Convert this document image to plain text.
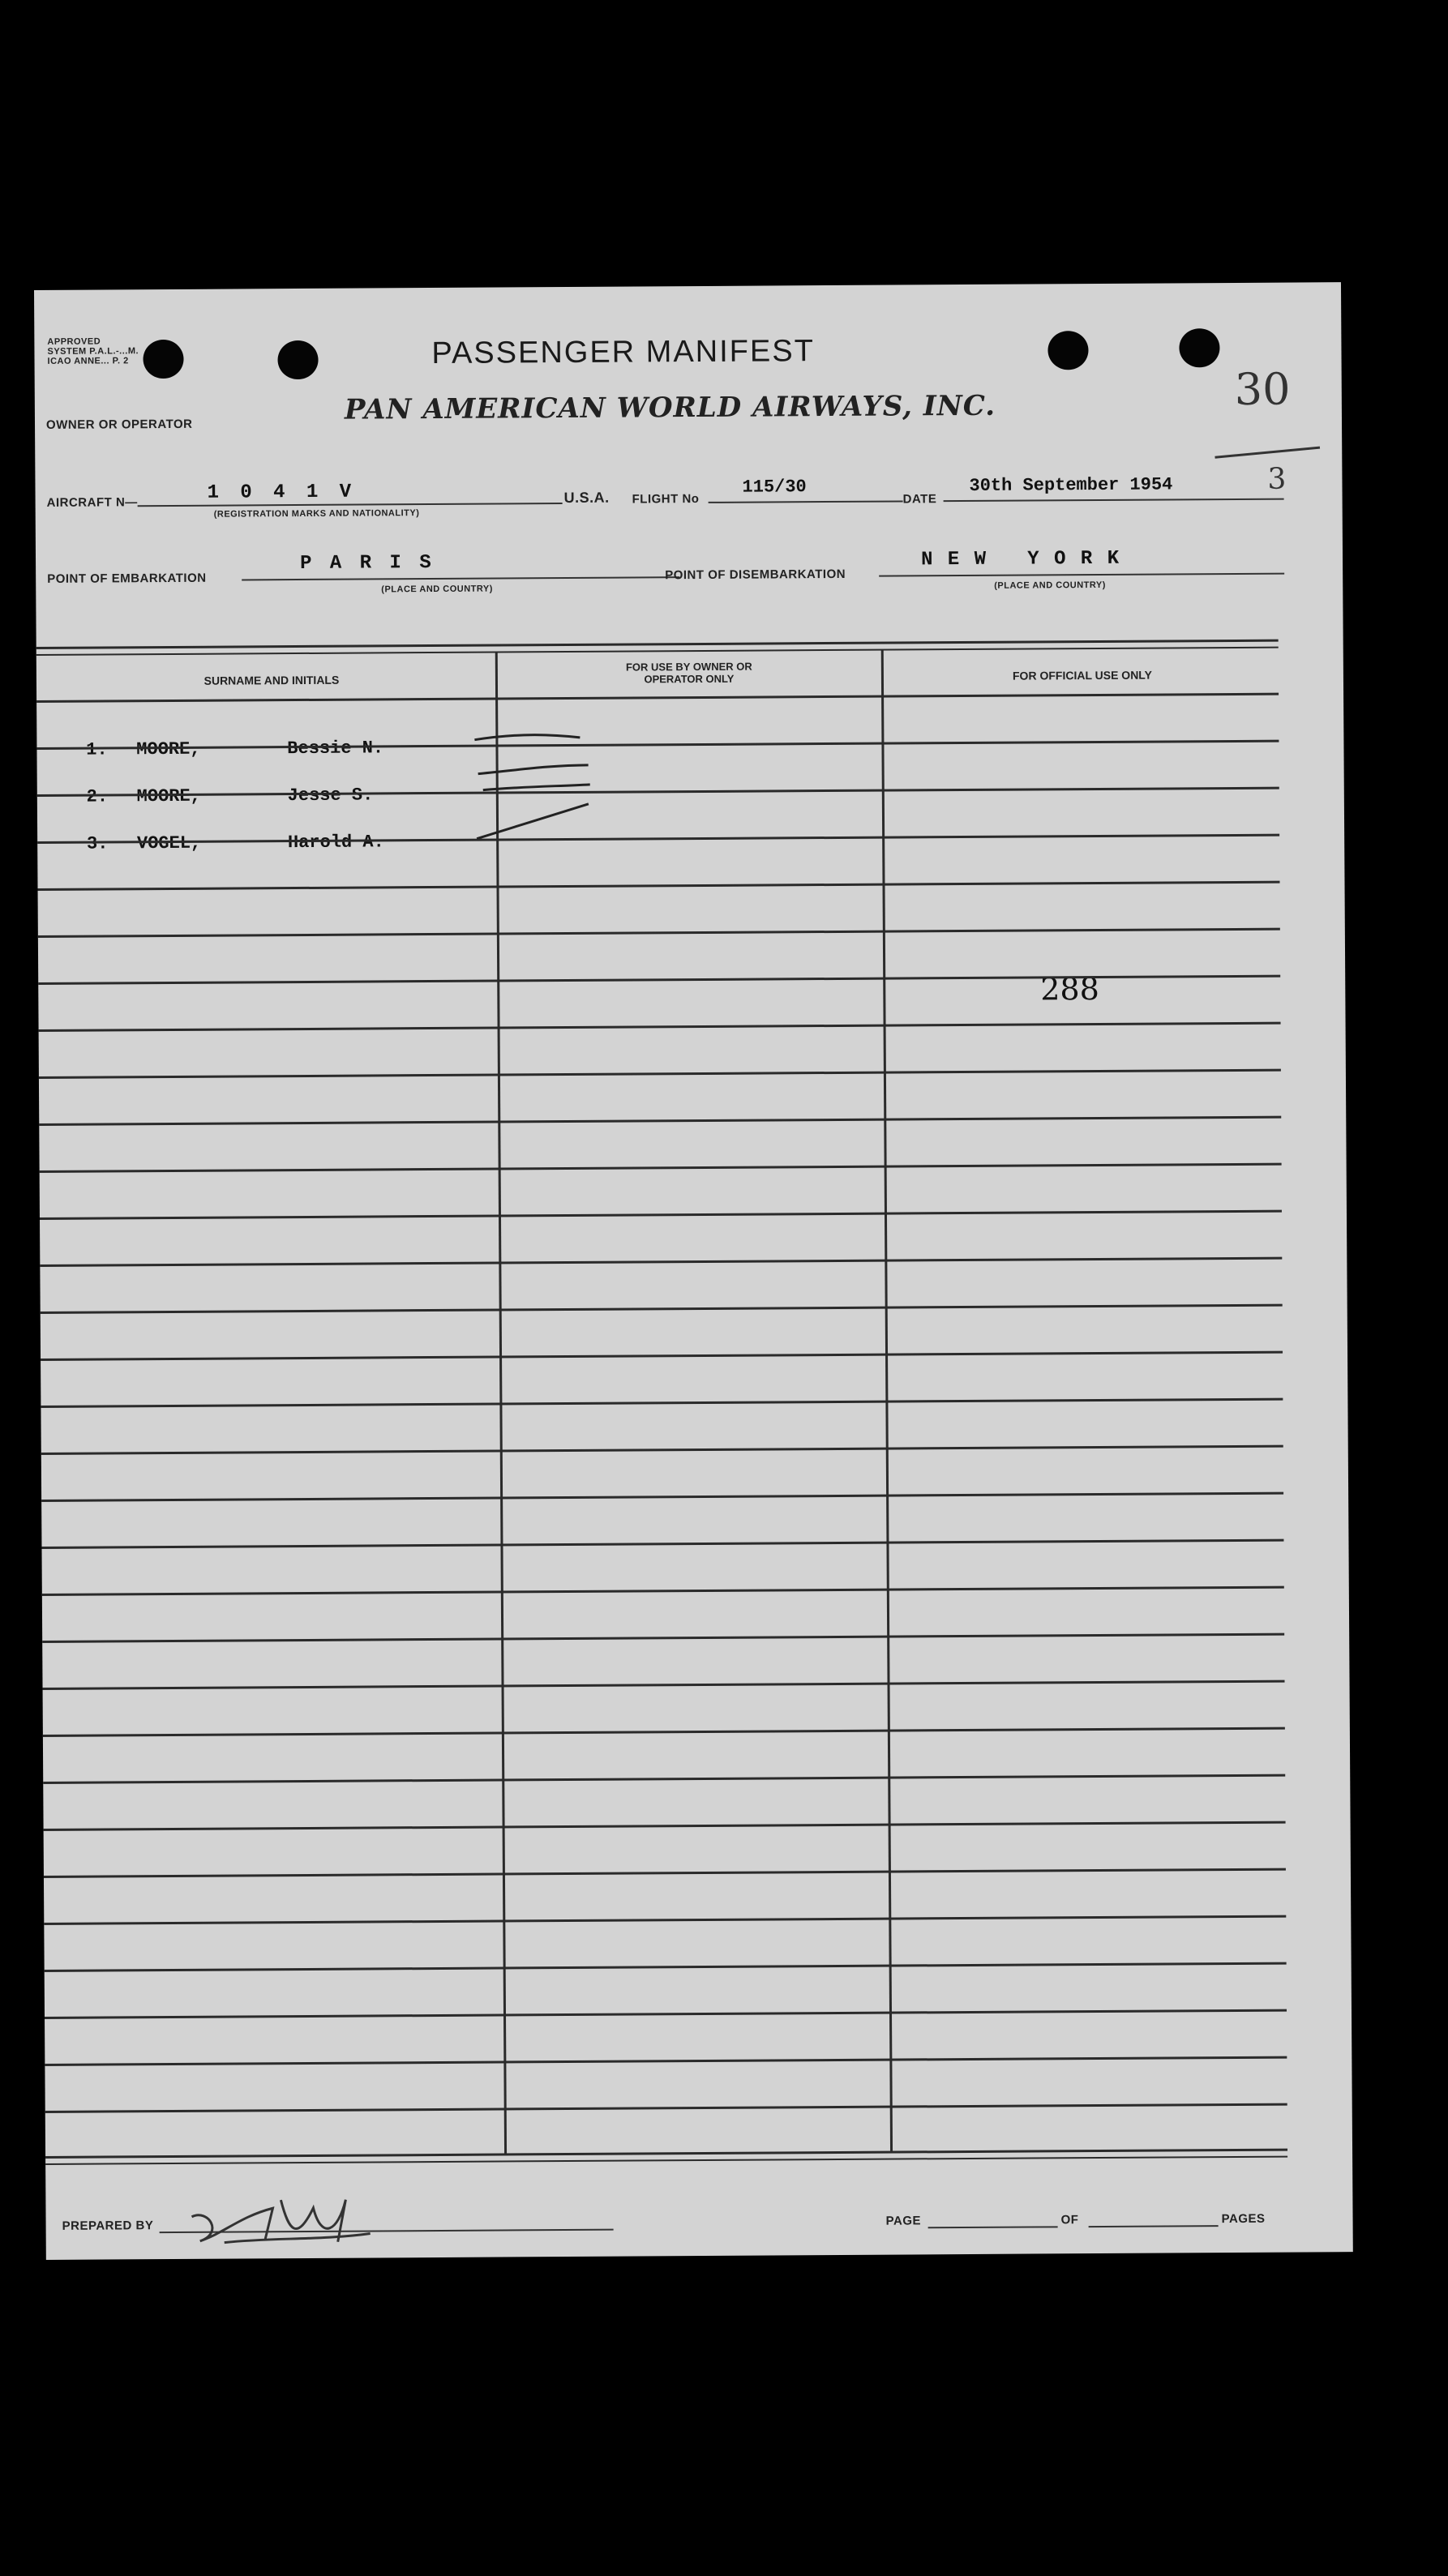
APPROVED
SYSTEM P.A.L.-...M.
ICAO ANNE... P. 2	PASSENGER MANIFEST
30
3
OWNER OR OPERATOR	PAN AMERICAN WORLD AIRWAYS, INC.
AIRCRAFT N—	1 0 4 1 V
(REGISTRATION MARKS AND NATIONALITY)
U.S.A. FLIGHT No
115/30
DATE
30th September 1954
POINT OF EMBARKATION
P A R I S
(PLACE AND COUNTRY)
POINT OF DISEMBARKATION
N E W   Y O R K
(PLACE AND COUNTRY)
SURNAME AND INITIALS
FOR USE BY OWNER OR OPERATOR ONLY	FOR OFFICIAL USE ONLY

1. MOORE,	Bessie N.

2. MOORE,	Jesse S.

3. VOGEL,	Harold A.

288
PREPARED BY	PAGE	OF	PAGES
